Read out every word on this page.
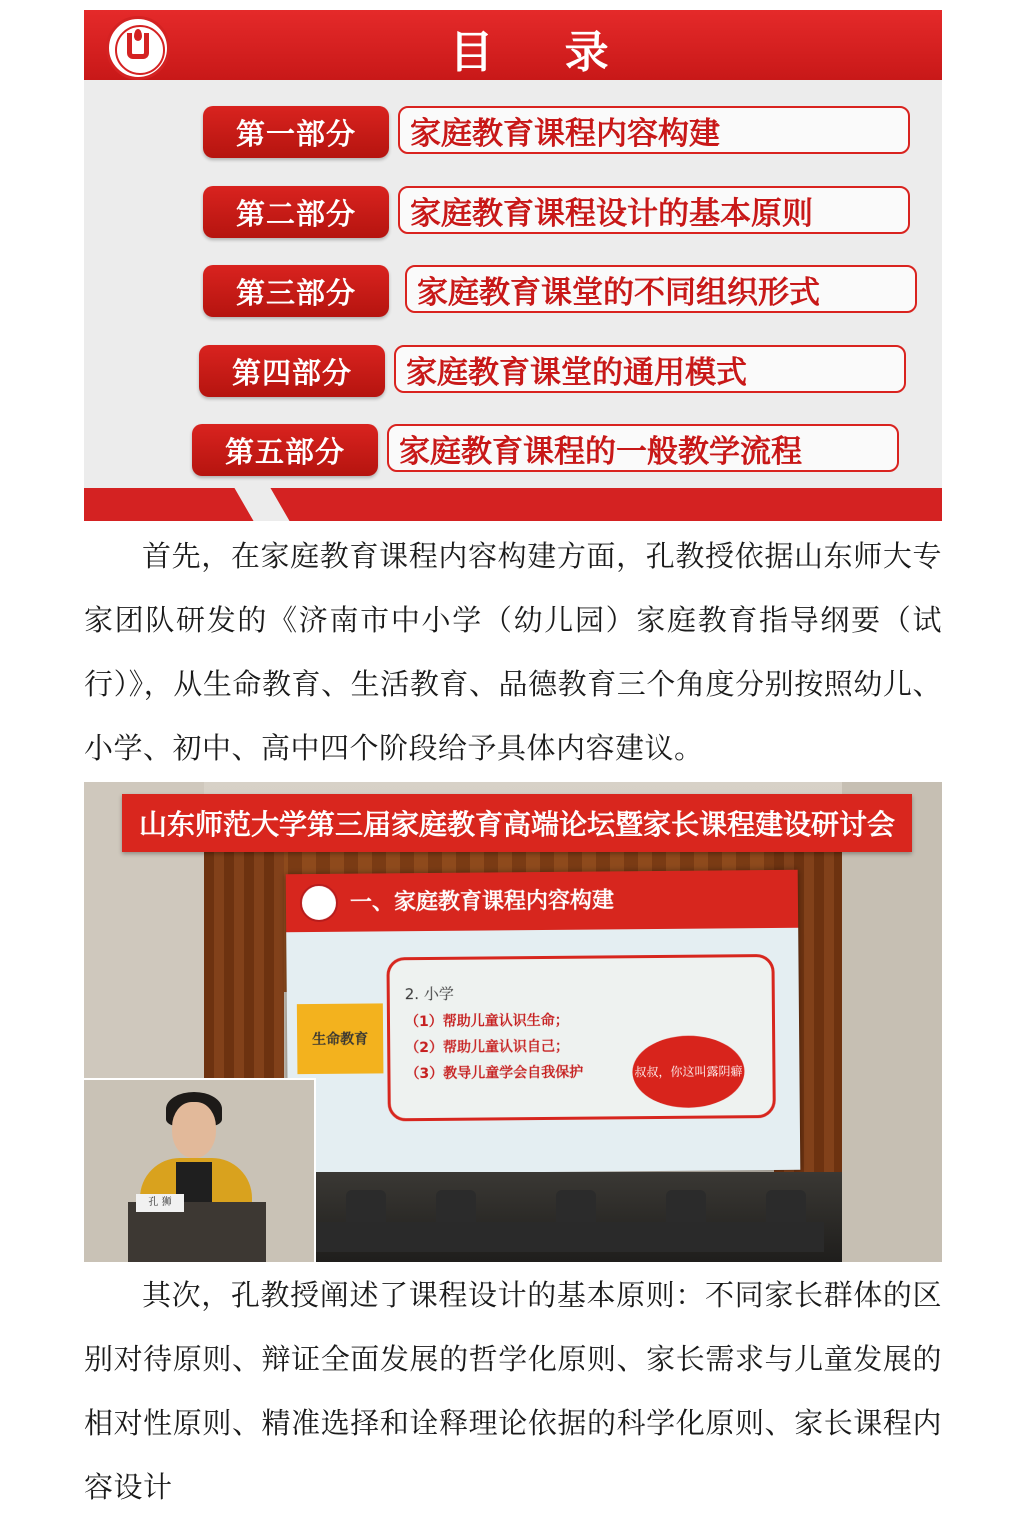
目 录
第一部分	家庭教育课程内容构建
第二部分	家庭教育课程设计的基本原则
第三部分	家庭教育课堂的不同组织形式
第四部分	家庭教育课堂的通用模式
第五部分	家庭教育课程的一般教学流程

首先，在家庭教育课程内容构建方面，孔教授依据山东师大专家团队研发的《济南市中小学（幼儿园）家庭教育指导纲要（试行）》，从生命教育、生活教育、品德教育三个角度分别按照幼儿、小学、初中、高中四个阶段给予具体内容建议。

山东师范大学第三届家庭教育高端论坛暨家长课程建设研讨会
一、家庭教育课程内容构建
生命教育
2. 小学
（1）帮助儿童认识生命；
（2）帮助儿童认识自己；
（3）教导儿童学会自我保护	叔叔，你这叫露阴癖
孔 狮

其次，孔教授阐述了课程设计的基本原则：不同家长群体的区别对待原则、辩证全面发展的哲学化原则、家长需求与儿童发展的相对性原则、精准选择和诠释理论依据的科学化原则、家长课程内容设计
